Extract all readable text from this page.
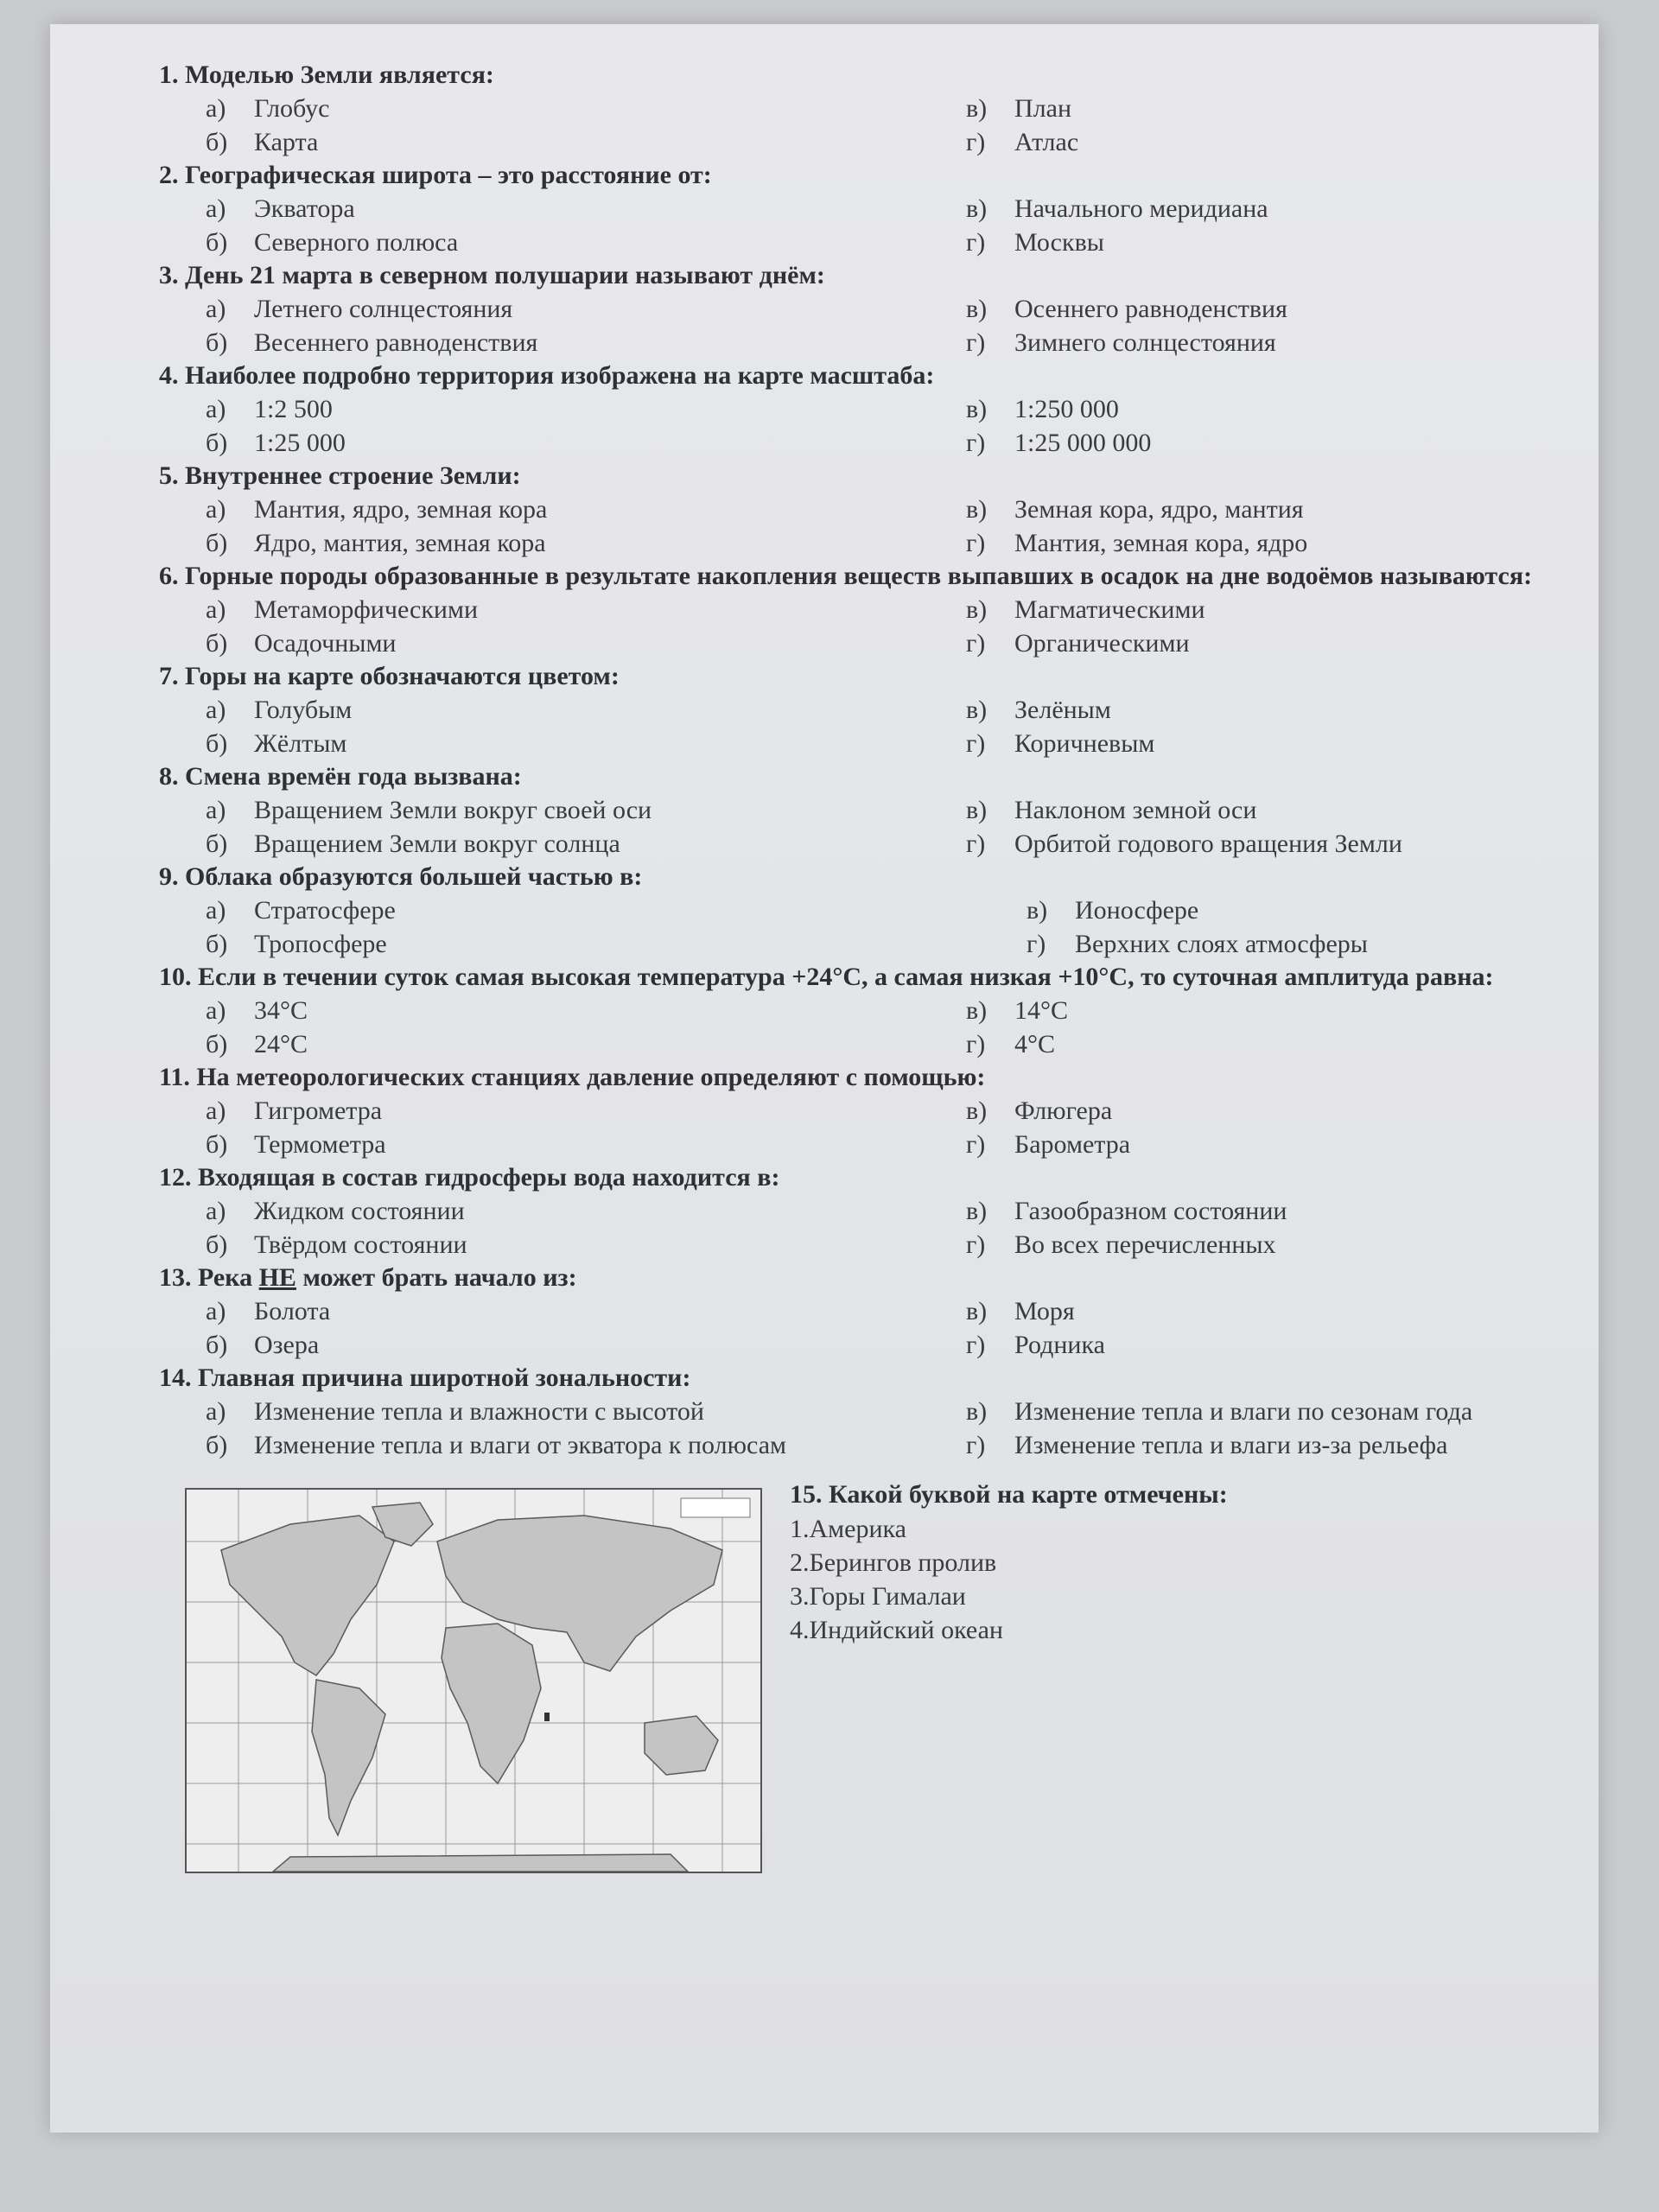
1. Моделью Земли является:
а)	Глобус	в)	План
б)	Карта	г)	Атлас
2. Географическая широта – это расстояние от:
а)	Экватора	в)	Начального меридиана
б)	Северного полюса	г)	Москвы
3. День 21 марта в северном полушарии называют днём:
а)	Летнего солнцестояния	в)	Осеннего равноденствия
б)	Весеннего равноденствия	г)	Зимнего солнцестояния
4. Наиболее подробно территория изображена на карте масштаба:
а)	1:2 500	в)	1:250 000
б)	1:25 000	г)	1:25 000 000
5. Внутреннее строение Земли:
а)	Мантия, ядро, земная кора	в)	Земная кора, ядро, мантия
б)	Ядро, мантия, земная кора	г)	Мантия, земная кора, ядро
6. Горные породы образованные в результате накопления веществ выпавших в осадок на дне водоёмов называются:
а)	Метаморфическими	в)	Магматическими
б)	Осадочными	г)	Органическими
7. Горы на карте обозначаются цветом:
а)	Голубым	в)	Зелёным
б)	Жёлтым	г)	Коричневым
8. Смена времён года вызвана:
а)	Вращением Земли вокруг своей оси	в)	Наклоном земной оси
б)	Вращением Земли вокруг солнца	г)	Орбитой годового вращения Земли
9. Облака образуются большей частью в:
а)	Стратосфере	в)	Ионосфере
б)	Тропосфере	г)	Верхних слоях атмосферы
10. Если в течении суток самая высокая температура +24°С, а самая низкая +10°С, то суточная амплитуда равна:
а)	34°С	в)	14°С
б)	24°С	г)	4°С
11. На метеорологических станциях давление определяют с помощью:
а)	Гигрометра	в)	Флюгера
б)	Термометра	г)	Барометра
12. Входящая в состав гидросферы вода находится в:
а)	Жидком состоянии	в)	Газообразном состоянии
б)	Твёрдом состоянии	г)	Во всех перечисленных
13. Река НЕ может брать начало из:
а)	Болота	в)	Моря
б)	Озера	г)	Родника
14. Главная причина широтной зональности:
а)	Изменение тепла и влажности с высотой	в)	Изменение тепла и влаги по сезонам года
б)	Изменение тепла и влаги от экватора к полюсам	г)	Изменение тепла и влаги из-за рельефа
15. Какой буквой на карте отмечены:
1.Америка
2.Берингов пролив
3.Горы Гималаи
4.Индийский океан
